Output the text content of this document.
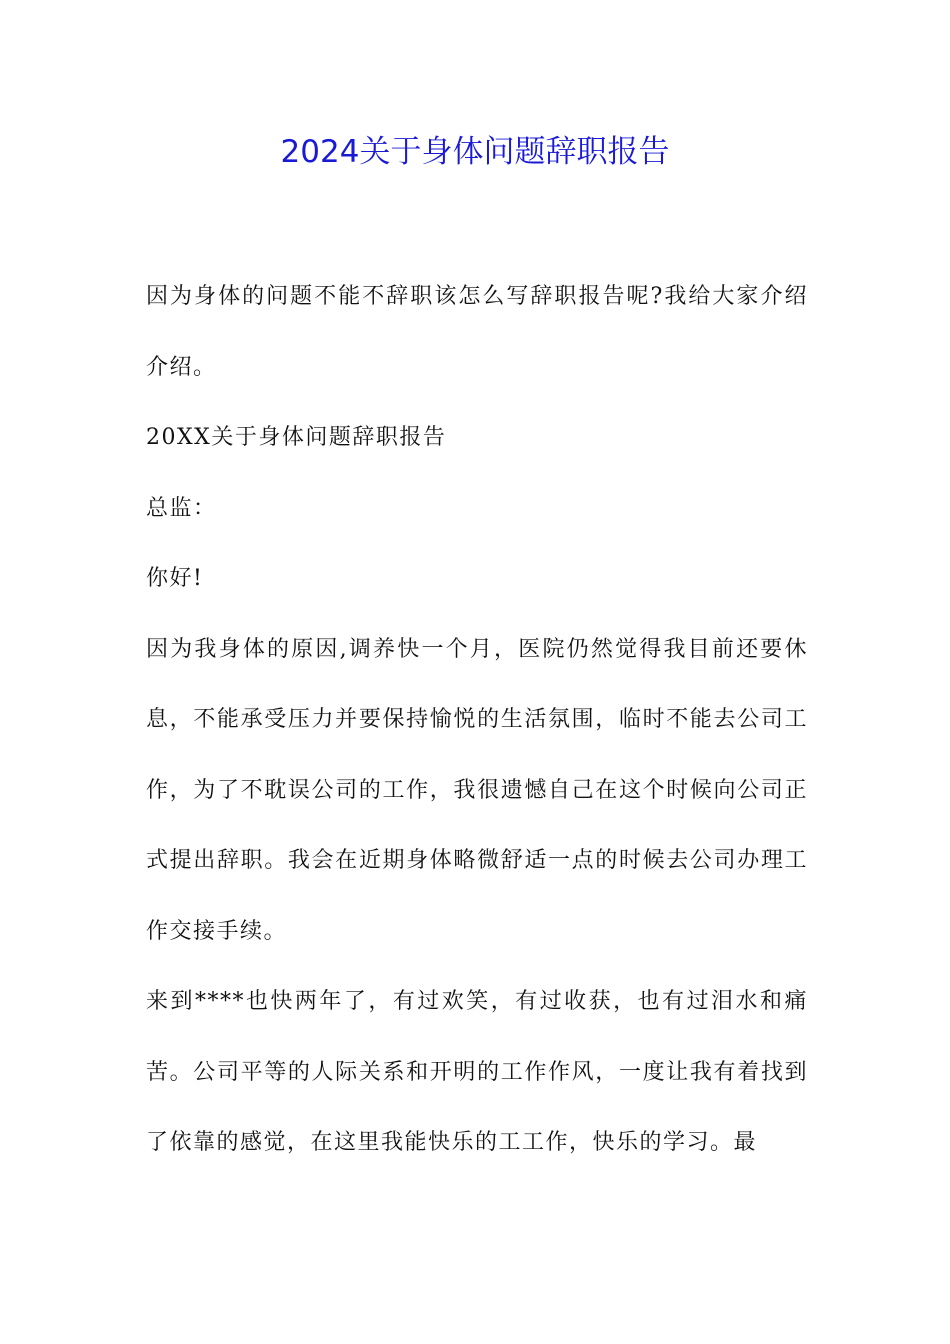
2024关于身体问题辞职报告

因为身体的问题不能不辞职该怎么写辞职报告呢?我给大家介绍介绍。

20XX关于身体问题辞职报告

总监：

你好!

因为我身体的原因,调养快一个月，医院仍然觉得我目前还要休息，不能承受压力并要保持愉悦的生活氛围，临时不能去公司工作，为了不耽误公司的工作，我很遗憾自己在这个时候向公司正式提出辞职。我会在近期身体略微舒适一点的时候去公司办理工作交接手续。

来到****也快两年了，有过欢笑，有过收获，也有过泪水和痛苦。公司平等的人际关系和开明的工作作风，一度让我有着找到了依靠的感觉，在这里我能快乐的工工作，快乐的学习。最
